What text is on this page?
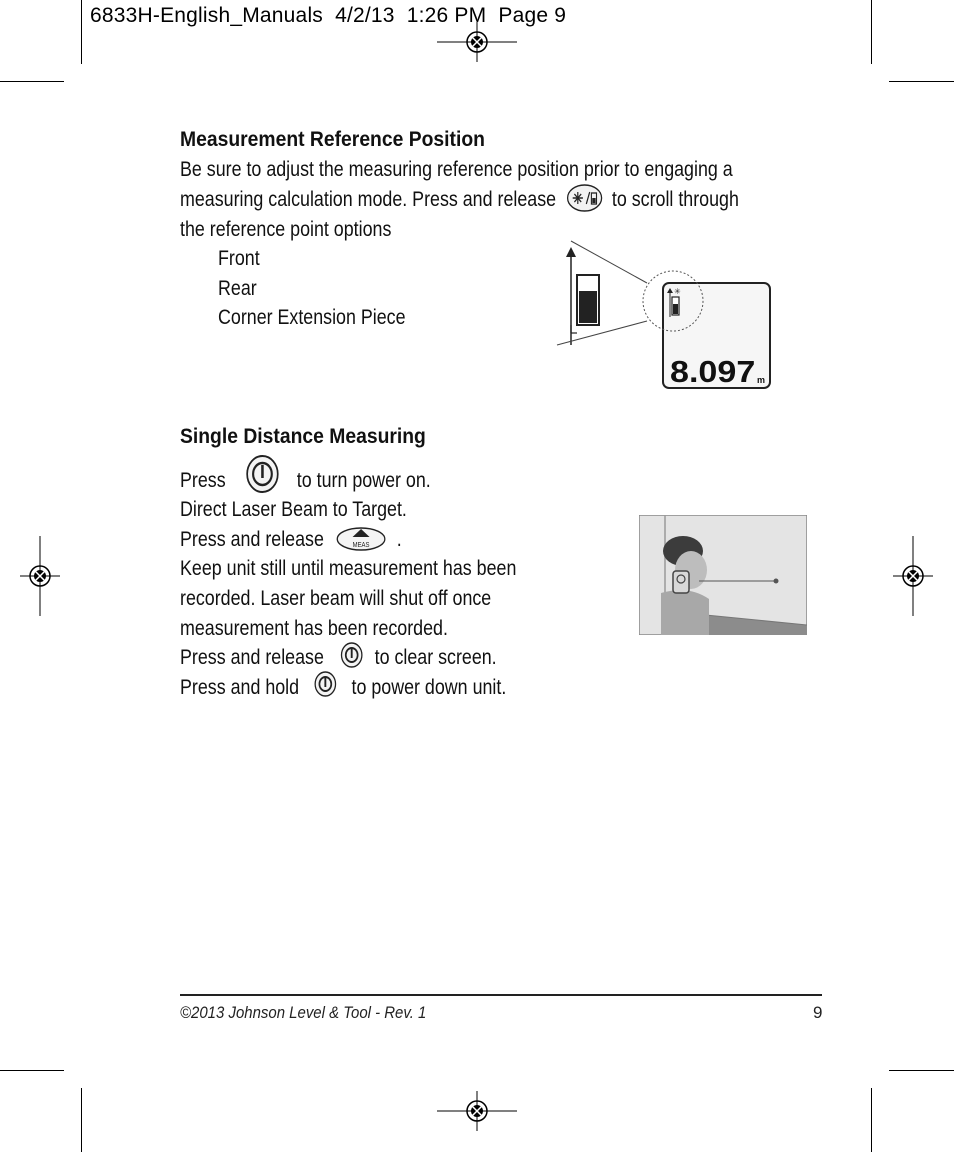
6833H-English_Manuals  4/2/13  1:26 PM  Page 9
Measurement Reference Position
Be sure to adjust the measuring reference position prior to engaging a
measuring calculation mode. Press and release	to scroll through
the reference point options
Front
Rear
Corner Extension Piece
✳
8.097 m
Single Distance Measuring
Press	to turn power on.
Direct Laser Beam to Target.
Press and release	MEAS .
Keep unit still until measurement has been
recorded. Laser beam will shut off once
measurement has been recorded.
Press and release to clear screen.
Press and hold to power down unit.
©2013 Johnson Level & Tool - Rev. 1	9
